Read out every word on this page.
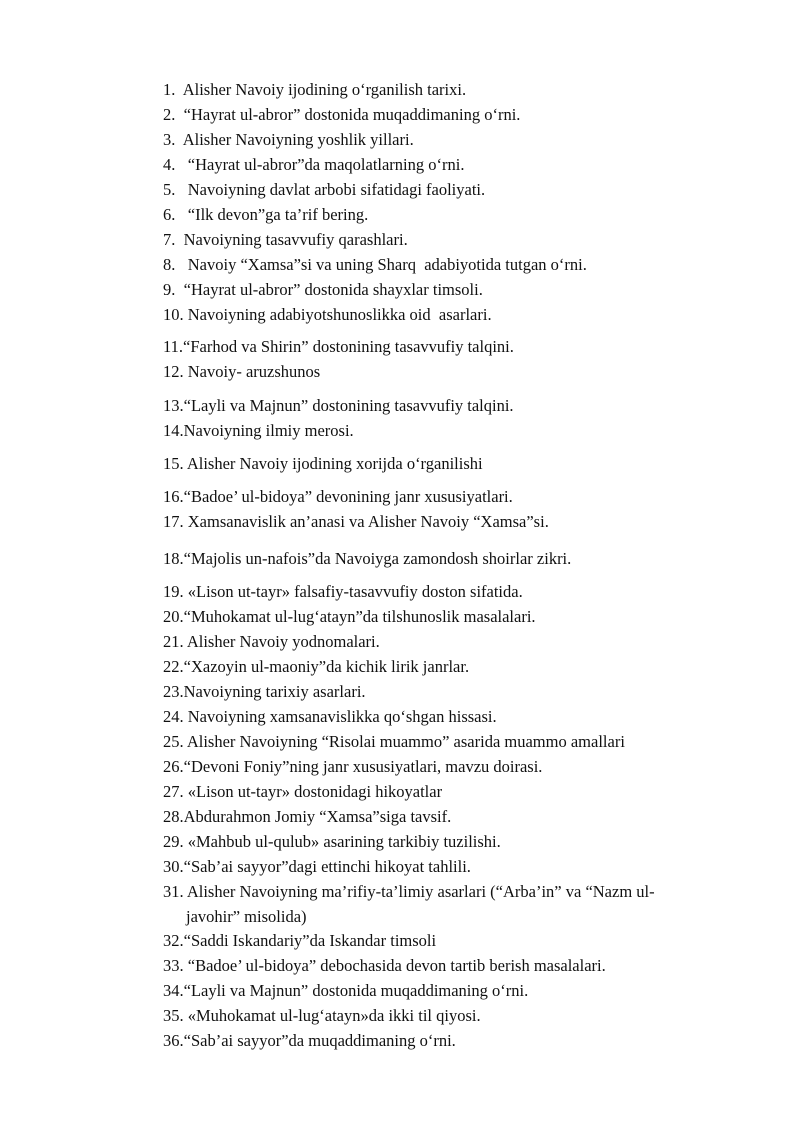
1. Alisher Navoiy ijodining o‘rganilish tarixi.
2. “Hayrat ul-abror” dostonida muqaddimaning o‘rni.
3. Alisher Navoiyning yoshlik yillari.
4. “Hayrat ul-abror”da maqolatlarning o‘rni.
5. Navoiyning davlat arbobi sifatidagi faoliyati.
6. “Ilk devon”ga ta’rif bering.
7. Navoiyning tasavvufiy qarashlari.
8. Navoiy “Xamsa”si va uning Sharq  adabiyotida tutgan o‘rni.
9. “Hayrat ul-abror” dostonida shayxlar timsoli.
10. Navoiyning adabiyotshunoslikka oid  asarlari.
11.“Farhod va Shirin” dostonining tasavvufiy talqini.
12. Navoiy- aruzshunos
13.“Layli va Majnun” dostonining tasavvufiy talqini.
14.Navoiyning ilmiy merosi.
15. Alisher Navoiy ijodining xorijda o‘rganilishi
16.“Badoe’ ul-bidoya” devonining janr xususiyatlari.
17. Xamsanavislik an’anasi va Alisher Navoiy “Xamsa”si.
18.“Majolis un-nafois”da Navoiyga zamondosh shoirlar zikri.
19. «Lison ut-tayr» falsafiy-tasavvufiy doston sifatida.
20.“Muhokamat ul-lug‘atayn”da tilshunoslik masalalari.
21. Alisher Navoiy yodnomalari.
22.“Xazoyin ul-maoniy”da kichik lirik janrlar.
23.Navoiyning tarixiy asarlari.
24. Navoiyning xamsanavislikka qo‘shgan hissasi.
25. Alisher Navoiyning “Risolai muammo” asarida muammo amallari
26.“Devoni Foniy”ning janr xususiyatlari, mavzu doirasi.
27. «Lison ut-tayr» dostonidagi hikoyatlar
28.Abdurahmon Jomiy “Xamsa”siga tavsif.
29. «Mahbub ul-qulub» asarining tarkibiy tuzilishi.
30.“Sab’ai sayyor”dagi ettinchi hikoyat tahlili.
31. Alisher Navoiyning ma’rifiy-ta’limiy asarlari (“Arba’in” va “Nazm ul-
javohir” misolida)
32.“Saddi Iskandariy”da Iskandar timsoli
33. “Badoe’ ul-bidoya” debochasida devon tartib berish masalalari.
34.“Layli va Majnun” dostonida muqaddimaning o‘rni.
35. «Muhokamat ul-lug‘atayn»da ikki til qiyosi.
36.“Sab’ai sayyor”da muqaddimaning o‘rni.
